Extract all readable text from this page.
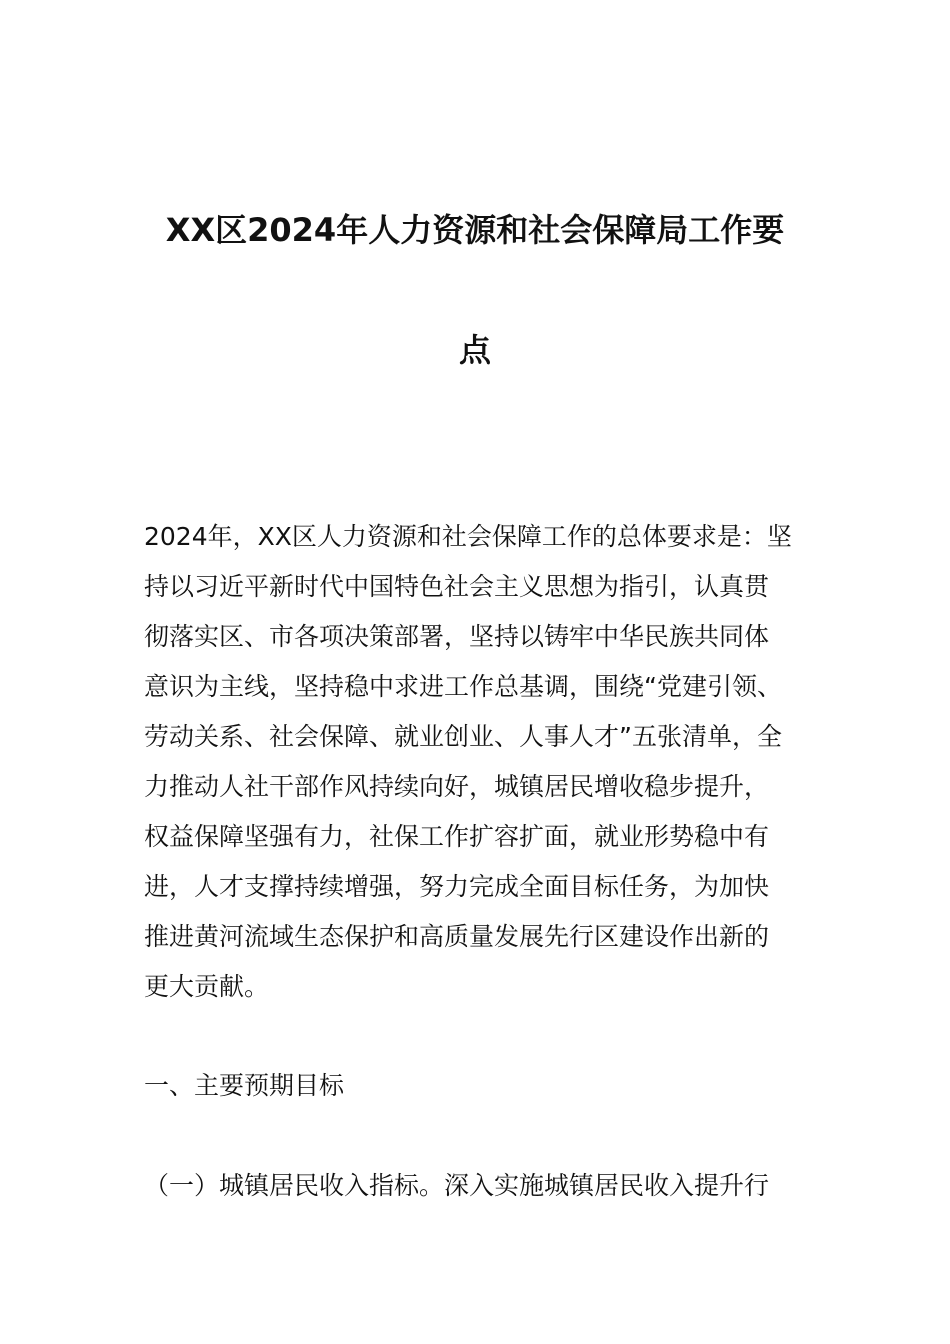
XX区2024年人力资源和社会保障局工作要
点
2024年，XX区人力资源和社会保障工作的总体要求是：坚
持以习近平新时代中国特色社会主义思想为指引，认真贯
彻落实区、市各项决策部署，坚持以铸牢中华民族共同体
意识为主线，坚持稳中求进工作总基调，围绕“党建引领、
劳动关系、社会保障、就业创业、人事人才”五张清单，全
力推动人社干部作风持续向好，城镇居民增收稳步提升，
权益保障坚强有力，社保工作扩容扩面，就业形势稳中有
进，人才支撑持续增强，努力完成全面目标任务，为加快
推进黄河流域生态保护和高质量发展先行区建设作出新的
更大贡献。
一、主要预期目标
（一）城镇居民收入指标。深入实施城镇居民收入提升行
